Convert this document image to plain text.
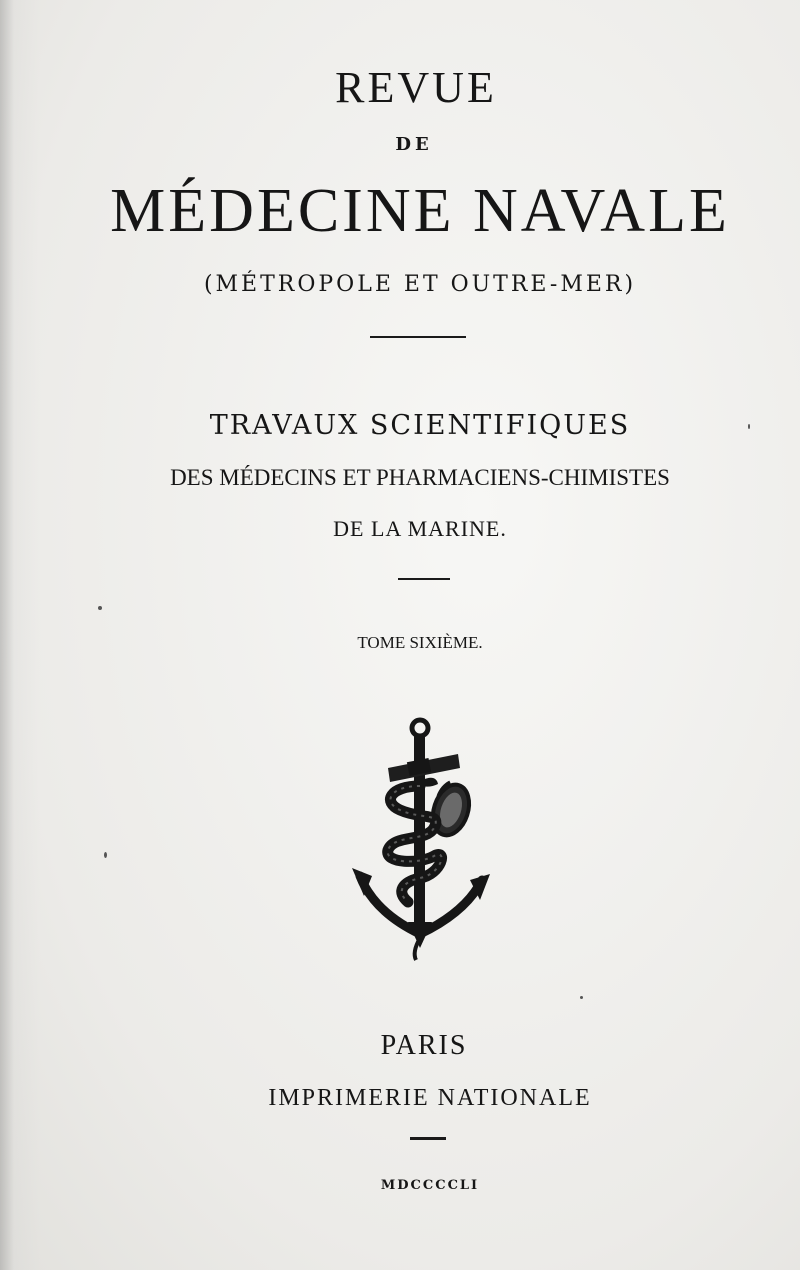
REVUE
DE
MÉDECINE NAVALE
(MÉTROPOLE ET OUTRE-MER)
TRAVAUX SCIENTIFIQUES
DES MÉDECINS ET PHARMACIENS-CHIMISTES
DE LA MARINE.
TOME SIXIÈME.
PARIS
IMPRIMERIE NATIONALE
MDCCCCLI
